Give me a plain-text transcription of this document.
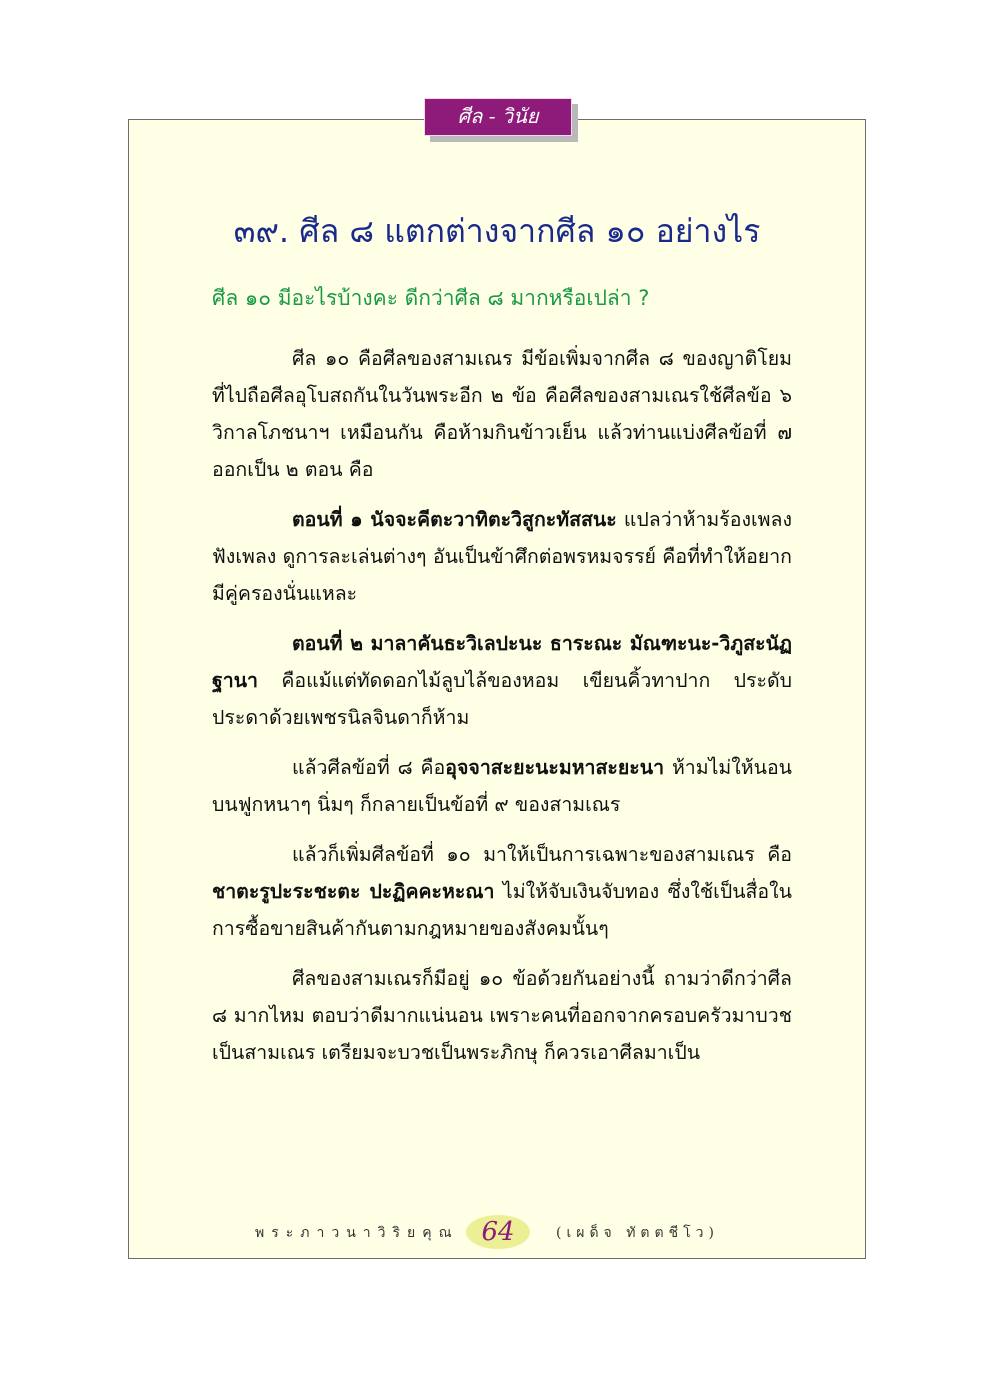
ศีล - วินัย
๓๙. ศีล ๘ แตกต่างจากศีล ๑๐ อย่างไร
ศีล ๑๐ มีอะไรบ้างคะ ดีกว่าศีล ๘ มากหรือเปล่า ?

ศีล ๑๐ คือศีลของสามเณร มีข้อเพิ่มจากศีล ๘ ของญาติโยมที่ไปถือศีลอุโบสถกันในวันพระอีก ๒ ข้อ คือศีลของสามเณรใช้ศีลข้อ ๖ วิกาลโภชนาฯ เหมือนกัน คือห้ามกินข้าวเย็น แล้วท่านแบ่งศีลข้อที่ ๗ ออกเป็น ๒ ตอน คือ

ตอนที่ ๑ นัจจะคีตะวาทิตะวิสูกะทัสสนะ แปลว่าห้ามร้องเพลง ฟังเพลง ดูการละเล่นต่างๆ อันเป็นข้าศึกต่อพรหมจรรย์ คือที่ทำให้อยากมีคู่ครองนั่นแหละ

ตอนที่ ๒ มาลาคันธะวิเลปะนะ ธาระณะ มัณฑะนะ-วิภูสะนัฏฐานา คือแม้แต่ทัดดอกไม้ลูบไล้ของหอม เขียนคิ้วทาปาก ประดับประดาด้วยเพชรนิลจินดาก็ห้าม

แล้วศีลข้อที่ ๘ คืออุจจาสะยะนะมหาสะยะนา ห้ามไม่ให้นอนบนฟูกหนาๆ นิ่มๆ ก็กลายเป็นข้อที่ ๙ ของสามเณร

แล้วก็เพิ่มศีลข้อที่ ๑๐ มาให้เป็นการเฉพาะของสามเณร คือ ชาตะรูปะระชะตะ ปะฏิคคะหะณา ไม่ให้จับเงินจับทอง ซึ่งใช้เป็นสื่อในการซื้อขายสินค้ากันตามกฎหมายของสังคมนั้นๆ

ศีลของสามเณรก็มีอยู่ ๑๐ ข้อด้วยกันอย่างนี้ ถามว่าดีกว่าศีล ๘ มากไหม ตอบว่าดีมากแน่นอน เพราะคนที่ออกจากครอบครัวมาบวชเป็นสามเณร เตรียมจะบวชเป็นพระภิกษุ ก็ควรเอาศีลมาเป็น

พระภาวนาวิริยคุณ 64	(เผด็จ ทัตตชีโว)
